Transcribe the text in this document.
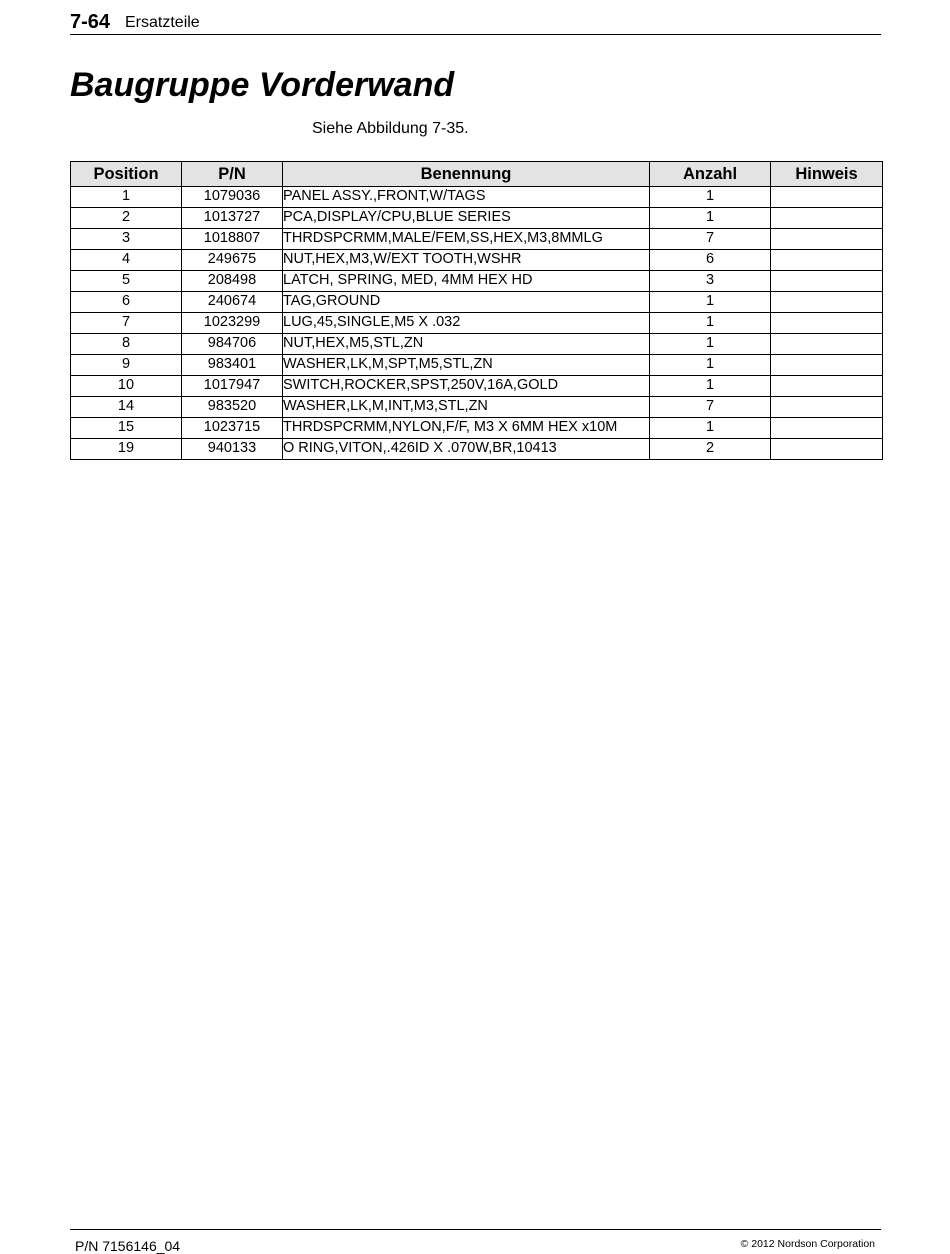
7-64 Ersatzteile
Baugruppe Vorderwand
Siehe Abbildung 7-35.
Position	P/N	Benennung	Anzahl	Hinweis
1	1079036	PANEL ASSY.,FRONT,W/TAGS	1	
2	1013727	PCA,DISPLAY/CPU,BLUE SERIES	1	
3	1018807	THRDSPCRMM,MALE/FEM,SS,HEX,M3,8MMLG	7	
4	249675	NUT,HEX,M3,W/EXT TOOTH,WSHR	6	
5	208498	LATCH, SPRING, MED, 4MM HEX HD	3	
6	240674	TAG,GROUND	1	
7	1023299	LUG,45,SINGLE,M5 X .032	1	
8	984706	NUT,HEX,M5,STL,ZN	1	
9	983401	WASHER,LK,M,SPT,M5,STL,ZN	1	
10	1017947	SWITCH,ROCKER,SPST,250V,16A,GOLD	1	
14	983520	WASHER,LK,M,INT,M3,STL,ZN	7	
15	1023715	THRDSPCRMM,NYLON,F/F, M3 X 6MM HEX x10M	1	
19	940133	O RING,VITON,.426ID X .070W,BR,10413	2	
P/N 7156146_04	© 2012 Nordson Corporation
